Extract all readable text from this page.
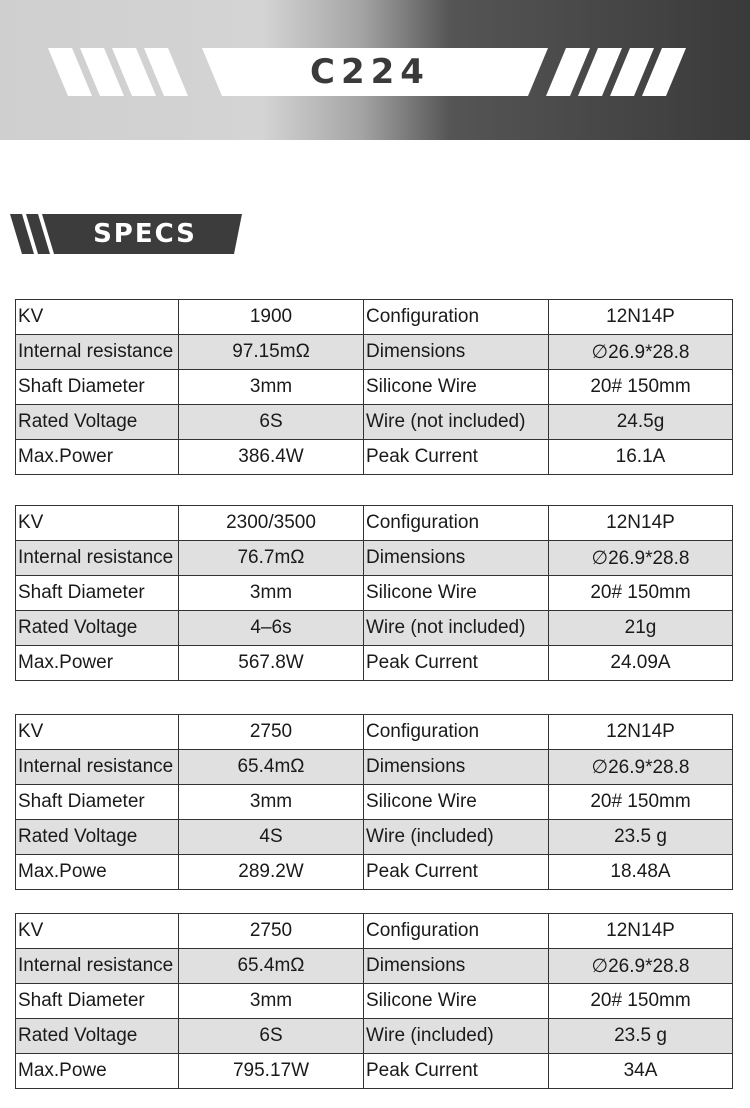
C224
SPECS
KV	1900	Configuration	12N14P
Internal resistance	97.15mΩ	Dimensions	∅26.9*28.8
Shaft Diameter	3mm	Silicone Wire	20# 150mm
Rated Voltage	6S	Wire (not included)	24.5g
Max.Power	386.4W	Peak Current	16.1A
KV	2300/3500	Configuration	12N14P
Internal resistance	76.7mΩ	Dimensions	∅26.9*28.8
Shaft Diameter	3mm	Silicone Wire	20# 150mm
Rated Voltage	4–6s	Wire (not included)	21g
Max.Power	567.8W	Peak Current	24.09A
KV	2750	Configuration	12N14P
Internal resistance	65.4mΩ	Dimensions	∅26.9*28.8
Shaft Diameter	3mm	Silicone Wire	20# 150mm
Rated Voltage	4S	Wire (included)	23.5 g
Max.Powe	289.2W	Peak Current	18.48A
KV	2750	Configuration	12N14P
Internal resistance	65.4mΩ	Dimensions	∅26.9*28.8
Shaft Diameter	3mm	Silicone Wire	20# 150mm
Rated Voltage	6S	Wire (included)	23.5 g
Max.Powe	795.17W	Peak Current	34A
